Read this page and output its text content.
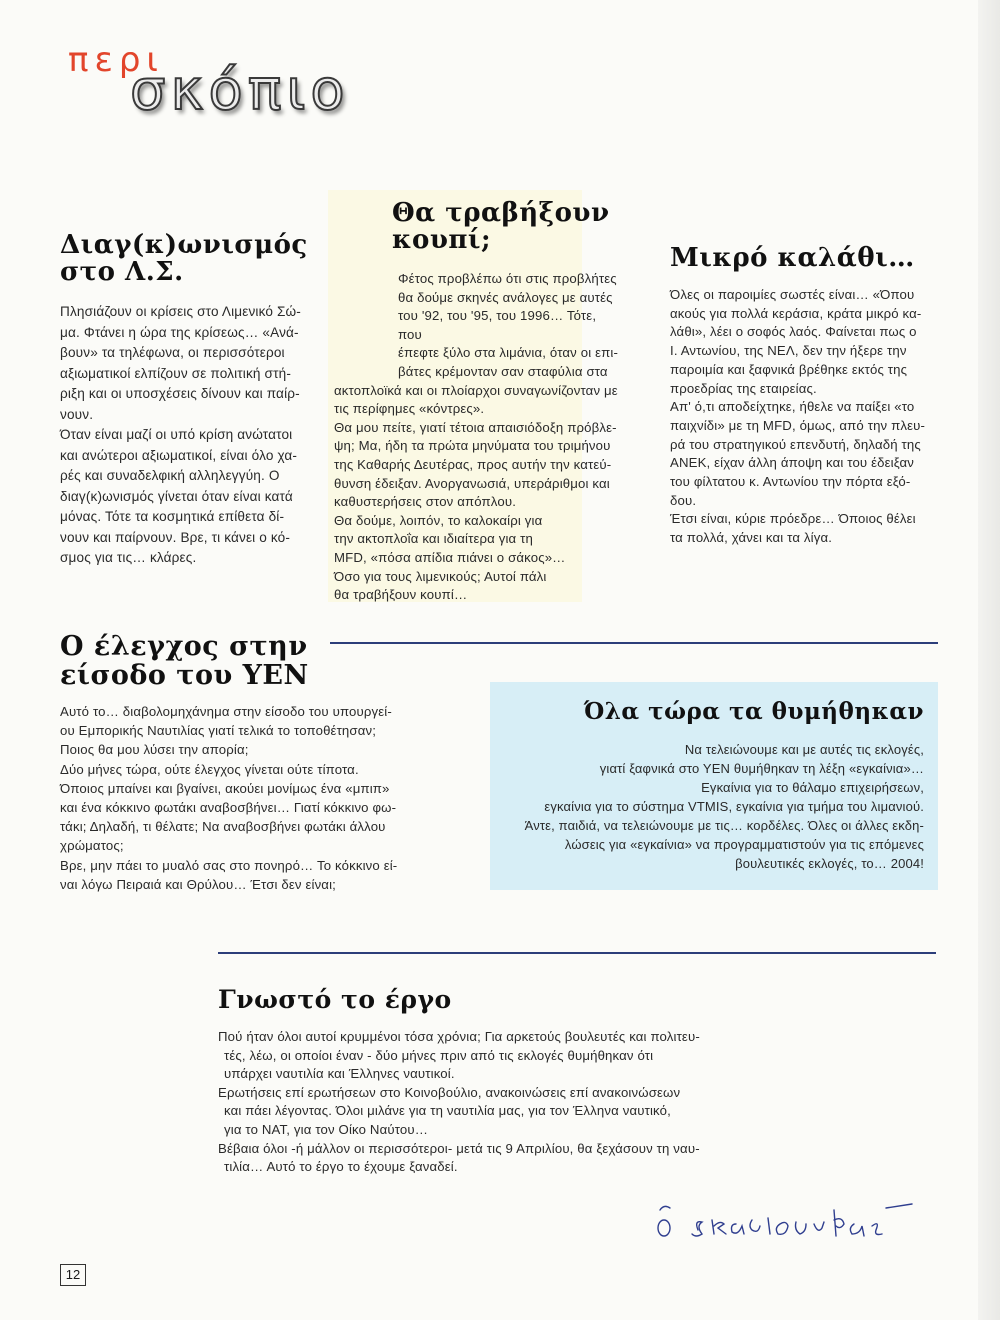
περι
σκόπιο
Διαγ(κ)ωνισμός
στο Λ.Σ.

Πλησιάζουν οι κρίσεις στο Λιμενικό Σώ-

μα. Φτάνει η ώρα της κρίσεως… «Ανά-

βουν» τα τηλέφωνα, οι περισσότεροι

αξιωματικοί ελπίζουν σε πολιτική στή-

ριξη και οι υποσχέσεις δίνουν και παίρ-

νουν.

Όταν είναι μαζί οι υπό κρίση ανώτατοι

και ανώτεροι αξιωματικοί, είναι όλο χα-

ρές και συναδελφική αλληλεγγύη. Ο

διαγ(κ)ωνισμός γίνεται όταν είναι κατά

μόνας. Τότε τα κοσμητικά επίθετα δί-

νουν και παίρνουν. Βρε, τι κάνει ο κό-

σμος για τις… κλάρες.

Θα τραβήξουν
κουπί;

Φέτος προβλέπω ότι στις προβλήτες

θα δούμε σκηνές ανάλογες με αυτές

του '92, του '95, του 1996… Τότε, που

έπεφτε ξύλο στα λιμάνια, όταν οι επι-

βάτες κρέμονταν σαν σταφύλια στα

ακτοπλοϊκά και οι πλοίαρχοι συναγωνίζονταν με

τις περίφημες «κόντρες».

Θα μου πείτε, γιατί τέτοια απαισιόδοξη πρόβλε-

ψη; Μα, ήδη τα πρώτα μηνύματα του τριμήνου

της Καθαρής Δευτέρας, προς αυτήν την κατεύ-

θυνση έδειξαν. Ανοργανωσιά, υπεράριθμοι και

καθυστερήσεις στον απόπλου.

Θα δούμε, λοιπόν, το καλοκαίρι για

την ακτοπλοΐα και ιδιαίτερα για τη

MFD, «πόσα απίδια πιάνει ο σάκος»…

Όσο για τους λιμενικούς; Αυτοί πάλι

θα τραβήξουν κουπί…

Μικρό καλάθι…

Όλες οι παροιμίες σωστές είναι… «Όπου

ακούς για πολλά κεράσια, κράτα μικρό κα-

λάθι», λέει ο σοφός λαός. Φαίνεται πως ο

Ι. Αντωνίου, της ΝΕΛ, δεν την ήξερε την

παροιμία και ξαφνικά βρέθηκε εκτός της

προεδρίας της εταιρείας.

Απ' ό,τι αποδείχτηκε, ήθελε να παίξει «το

παιχνίδι» με τη MFD, όμως, από την πλευ-

ρά του στρατηγικού επενδυτή, δηλαδή της

ΑΝΕΚ, είχαν άλλη άποψη και του έδειξαν

του φίλτατου κ. Αντωνίου την πόρτα εξό-

δου.

Έτσι είναι, κύριε πρόεδρε… Όποιος θέλει

τα πολλά, χάνει και τα λίγα.

Ο έλεγχος στην
είσοδο του ΥΕΝ

Αυτό το… διαβολομηχάνημα στην είσοδο του υπουργεί-

ου Εμπορικής Ναυτιλίας γιατί τελικά το τοποθέτησαν;

Ποιος θα μου λύσει την απορία;

Δύο μήνες τώρα, ούτε έλεγχος γίνεται ούτε τίποτα.

Όποιος μπαίνει και βγαίνει, ακούει μονίμως ένα «μπιπ»

και ένα κόκκινο φωτάκι αναβοσβήνει… Γιατί κόκκινο φω-

τάκι; Δηλαδή, τι θέλατε; Να αναβοσβήνει φωτάκι άλλου

χρώματος;

Βρε, μην πάει το μυαλό σας στο πονηρό… Το κόκκινο εί-

ναι λόγω Πειραιά και Θρύλου… Έτσι δεν είναι;

Όλα τώρα τα θυμήθηκαν

Να τελειώνουμε και με αυτές τις εκλογές,

γιατί ξαφνικά στο ΥΕΝ θυμήθηκαν τη λέξη «εγκαίνια»…

Εγκαίνια για το θάλαμο επιχειρήσεων,

εγκαίνια για το σύστημα VTMIS, εγκαίνια για τμήμα του λιμανιού.

Άντε, παιδιά, να τελειώνουμε με τις… κορδέλες. Όλες οι άλλες εκδη-

λώσεις για «εγκαίνια» να προγραμματιστούν για τις επόμενες

βουλευτικές εκλογές, το… 2004!

Γνωστό το έργο

Πού ήταν όλοι αυτοί κρυμμένοι τόσα χρόνια; Για αρκετούς βουλευτές και πολιτευ-

τές, λέω, οι οποίοι έναν - δύο μήνες πριν από τις εκλογές θυμήθηκαν ότι

υπάρχει ναυτιλία και Έλληνες ναυτικοί.

Ερωτήσεις επί ερωτήσεων στο Κοινοβούλιο, ανακοινώσεις επί ανακοινώσεων

και πάει λέγοντας. Όλοι μιλάνε για τη ναυτιλία μας, για τον Έλληνα ναυτικό,

για το ΝΑΤ, για τον Οίκο Ναύτου…

Βέβαια όλοι -ή μάλλον οι περισσότεροι- μετά τις 9 Απριλίου, θα ξεχάσουν τη ναυ-

τιλία… Αυτό το έργο το έχουμε ξαναδεί.

12
